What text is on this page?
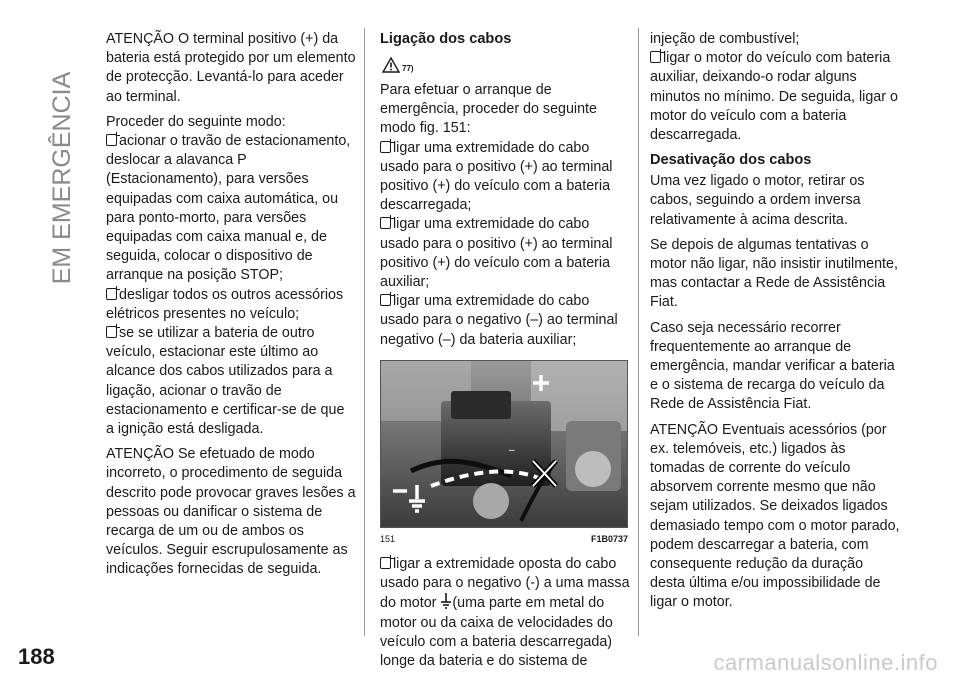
EM EMERGÊNCIA

ATENÇÃO O terminal positivo (+) da bateria está protegido por um elemento de protecção. Levantá-lo para aceder ao terminal.

Proceder do seguinte modo:

acionar o travão de estacionamento, deslocar a alavanca P (Estacionamento), para versões equipadas com caixa automática, ou para ponto-morto, para versões equipadas com caixa manual e, de seguida, colocar o dispositivo de arranque na posição STOP;
desligar todos os outros acessórios elétricos presentes no veículo;
se se utilizar a bateria de outro veículo, estacionar este último ao alcance dos cabos utilizados para a ligação, acionar o travão de estacionamento e certificar-se de que a ignição está desligada.

ATENÇÃO Se efetuado de modo incorreto, o procedimento de seguida descrito pode provocar graves lesões a pessoas ou danificar o sistema de recarga de um ou de ambos os veículos. Seguir escrupulosamente as indicações fornecidas de seguida.

Ligação dos cabos
$_{77)}$

Para efetuar o arranque de emergência, proceder do seguinte modo fig. 151:

ligar uma extremidade do cabo usado para o positivo (+) ao terminal positivo (+) do veículo com a bateria descarregada;
ligar uma extremidade do cabo usado para o positivo (+) ao terminal positivo (+) do veículo com a bateria auxiliar;
ligar uma extremidade do cabo usado para o negativo (–) ao terminal negativo (–) da bateria auxiliar;
–
151	F1B0737
ligar a extremidade oposta do cabo usado para o negativo (-) a uma massa do motor (uma parte em metal do motor ou da caixa de velocidades do veículo com a bateria descarregada) longe da bateria e do sistema de
injeção de combustível;
ligar o motor do veículo com bateria auxiliar, deixando-o rodar alguns minutos no mínimo. De seguida, ligar o motor do veículo com a bateria descarregada.
Desativação dos cabos

Uma vez ligado o motor, retirar os cabos, seguindo a ordem inversa relativamente à acima descrita.

Se depois de algumas tentativas o motor não ligar, não insistir inutilmente, mas contactar a Rede de Assistência Fiat.

Caso seja necessário recorrer frequentemente ao arranque de emergência, mandar verificar a bateria e o sistema de recarga do veículo da Rede de Assistência Fiat.

ATENÇÃO Eventuais acessórios (por ex. telemóveis, etc.) ligados às tomadas de corrente do veículo absorvem corrente mesmo que não sejam utilizados. Se deixados ligados demasiado tempo com o motor parado, podem descarregar a bateria, com consequente redução da duração desta última e/ou impossibilidade de ligar o motor.

188	carmanualsonline.info
